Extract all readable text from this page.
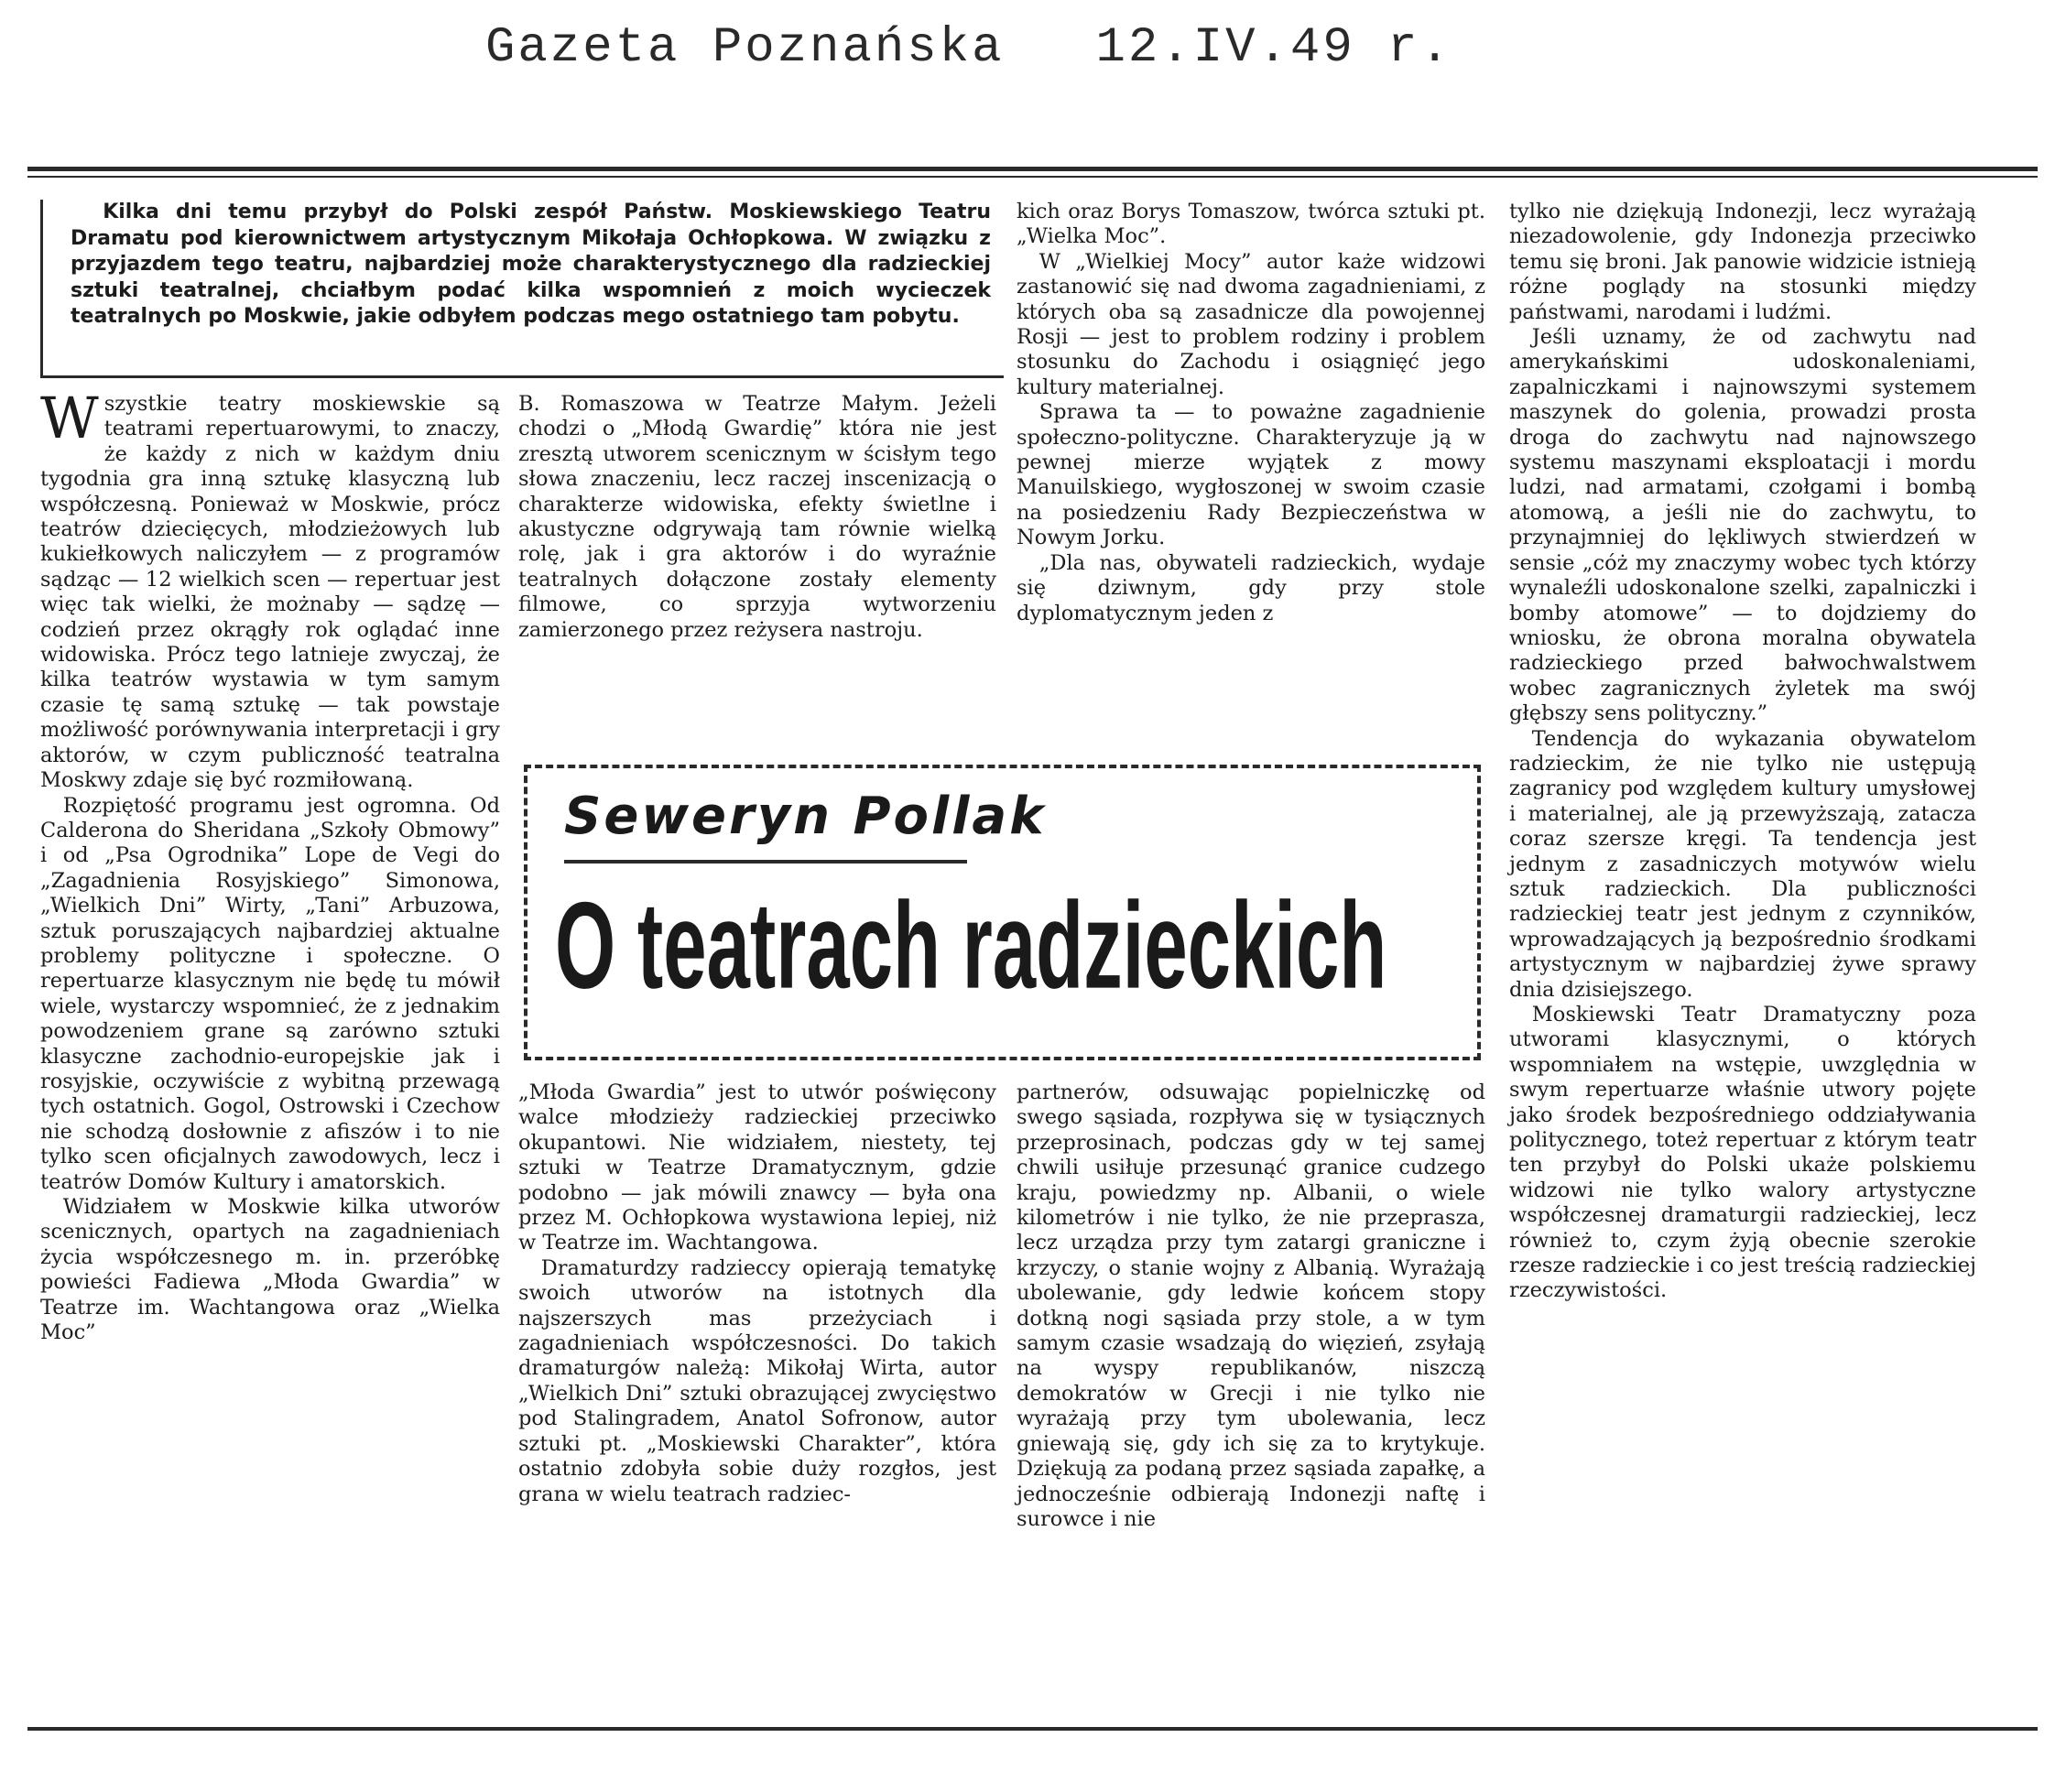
Gazeta Poznańska 12.IV.49 r.

Kilka dni temu przybył do Polski zespół Państw. Moskiewskiego Teatru Dramatu pod kierownictwem artystycznym Mikołaja Ochłopkowa. W związku z przyjazdem tego teatru, najbardziej może charakterystycznego dla radzieckiej sztuki teatralnej, chciałbym podać kilka wspomnień z moich wycieczek teatralnych po Moskwie, jakie odbyłem podczas mego ostatniego tam pobytu.

Wszystkie teatry moskiewskie są teatrami repertuarowymi, to znaczy, że każdy z nich w każdym dniu tygodnia gra inną sztukę klasyczną lub współczesną. Ponieważ w Moskwie, prócz teatrów dziecięcych, młodzieżowych lub kukiełkowych naliczyłem — z programów sądząc — 12 wielkich scen — repertuar jest więc tak wielki, że możnaby — sądzę — codzień przez okrągły rok oglądać inne widowiska. Prócz tego latnieje zwyczaj, że kilka teatrów wystawia w tym samym czasie tę samą sztukę — tak powstaje możliwość porównywania interpretacji i gry aktorów, w czym publiczność teatralna Moskwy zdaje się być rozmiłowaną.

Rozpiętość programu jest ogromna. Od Calderona do Sheridana „Szkoły Obmowy” i od „Psa Ogrodnika” Lope de Vegi do „Zagadnienia Rosyjskiego” Simonowa, „Wielkich Dni” Wirty, „Tani” Arbuzowa, sztuk poruszających najbardziej aktualne problemy polityczne i społeczne. O repertuarze klasycznym nie będę tu mówił wiele, wystarczy wspomnieć, że z jednakim powodzeniem grane są zarówno sztuki klasyczne zachodnio-europejskie jak i rosyjskie, oczywiście z wybitną przewagą tych ostatnich. Gogol, Ostrowski i Czechow nie schodzą dosłownie z afiszów i to nie tylko scen oficjalnych zawodowych, lecz i teatrów Domów Kultury i amatorskich.

Widziałem w Moskwie kilka utworów scenicznych, opartych na zagadnieniach życia współczesnego m. in. przeróbkę powieści Fadiewa „Młoda Gwardia” w Teatrze im. Wachtangowa oraz „Wielka Moc”

B. Romaszowa w Teatrze Małym. Jeżeli chodzi o „Młodą Gwardię” która nie jest zresztą utworem scenicznym w ścisłym tego słowa znaczeniu, lecz raczej inscenizacją o charakterze widowiska, efekty świetlne i akustyczne odgrywają tam równie wielką rolę, jak i gra aktorów i do wyraźnie teatralnych dołączone zostały elementy filmowe, co sprzyja wytworzeniu zamierzonego przez reżysera nastroju.

kich oraz Borys Tomaszow, twórca sztuki pt. „Wielka Moc”.

W „Wielkiej Mocy” autor każe widzowi zastanowić się nad dwoma zagadnieniami, z których oba są zasadnicze dla powojennej Rosji — jest to problem rodziny i problem stosunku do Zachodu i osiągnięć jego kultury materialnej.

Sprawa ta — to poważne zagadnienie społeczno-polityczne. Charakteryzuje ją w pewnej mierze wyjątek z mowy Manuilskiego, wygłoszonej w swoim czasie na posiedzeniu Rady Bezpieczeństwa w Nowym Jorku.

„Dla nas, obywateli radzieckich, wydaje się dziwnym, gdy przy stole dyplomatycznym jeden z

Seweryn Pollak
O teatrach radzieckich

„Młoda Gwardia” jest to utwór poświęcony walce młodzieży radzieckiej przeciwko okupantowi. Nie widziałem, niestety, tej sztuki w Teatrze Dramatycznym, gdzie podobno — jak mówili znawcy — była ona przez M. Ochłopkowa wystawiona lepiej, niż w Teatrze im. Wachtangowa.

Dramaturdzy radzieccy opierają tematykę swoich utworów na istotnych dla najszerszych mas przeżyciach i zagadnieniach współczesności. Do takich dramaturgów należą: Mikołaj Wirta, autor „Wielkich Dni” sztuki obrazującej zwycięstwo pod Stalingradem, Anatol Sofronow, autor sztuki pt. „Moskiewski Charakter”, która ostatnio zdobyła sobie duży rozgłos, jest grana w wielu teatrach radziec-

partnerów, odsuwając popielniczkę od swego sąsiada, rozpływa się w tysiącznych przeprosinach, podczas gdy w tej samej chwili usiłuje przesunąć granice cudzego kraju, powiedzmy np. Albanii, o wiele kilometrów i nie tylko, że nie przeprasza, lecz urządza przy tym zatargi graniczne i krzyczy, o stanie wojny z Albanią. Wyrażają ubolewanie, gdy ledwie końcem stopy dotkną nogi sąsiada przy stole, a w tym samym czasie wsadzają do więzień, zsyłają na wyspy republikanów, niszczą demokratów w Grecji i nie tylko nie wyrażają przy tym ubolewania, lecz gniewają się, gdy ich się za to krytykuje. Dziękują za podaną przez sąsiada zapałkę, a jednocześnie odbierają Indonezji naftę i surowce i nie

tylko nie dziękują Indonezji, lecz wyrażają niezadowolenie, gdy Indonezja przeciwko temu się broni. Jak panowie widzicie istnieją różne poglądy na stosunki między państwami, narodami i ludźmi.

Jeśli uznamy, że od zachwytu nad amerykańskimi udoskonaleniami, zapalniczkami i najnowszymi systemem maszynek do golenia, prowadzi prosta droga do zachwytu nad najnowszego systemu maszynami eksploatacji i mordu ludzi, nad armatami, czołgami i bombą atomową, a jeśli nie do zachwytu, to przynajmniej do lękliwych stwierdzeń w sensie „cóż my znaczymy wobec tych którzy wynaleźli udoskonalone szelki, zapalniczki i bomby atomowe” — to dojdziemy do wniosku, że obrona moralna obywatela radzieckiego przed bałwochwalstwem wobec zagranicznych żyletek ma swój głębszy sens polityczny.”

Tendencja do wykazania obywatelom radzieckim, że nie tylko nie ustępują zagranicy pod względem kultury umysłowej i materialnej, ale ją przewyższają, zatacza coraz szersze kręgi. Ta tendencja jest jednym z zasadniczych motywów wielu sztuk radzieckich. Dla publiczności radzieckiej teatr jest jednym z czynników, wprowadzających ją bezpośrednio środkami artystycznym w najbardziej żywe sprawy dnia dzisiejszego.

Moskiewski Teatr Dramatyczny poza utworami klasycznymi, o których wspomniałem na wstępie, uwzględnia w swym repertuarze właśnie utwory pojęte jako środek bezpośredniego oddziaływania politycznego, toteż repertuar z którym teatr ten przybył do Polski ukaże polskiemu widzowi nie tylko walory artystyczne współczesnej dramaturgii radzieckiej, lecz również to, czym żyją obecnie szerokie rzesze radzieckie i co jest treścią radzieckiej rzeczywistości.
